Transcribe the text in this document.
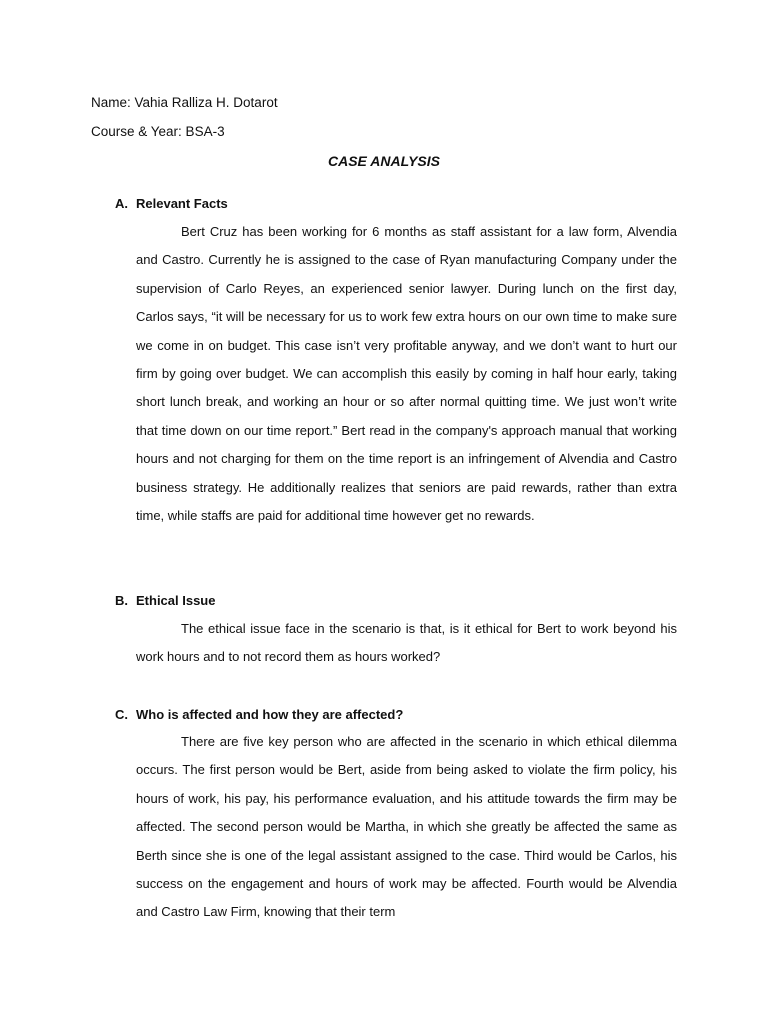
Name: Vahia Ralliza H. Dotarot
Course & Year: BSA-3
CASE ANALYSIS
A. Relevant Facts

Bert Cruz has been working for 6 months as staff assistant for a law form, Alvendia and Castro. Currently he is assigned to the case of Ryan manufacturing Company under the supervision of Carlo Reyes, an experienced senior lawyer. During lunch on the first day, Carlos says, “it will be necessary for us to work few extra hours on our own time to make sure we come in on budget. This case isn’t very profitable anyway, and we don’t want to hurt our firm by going over budget. We can accomplish this easily by coming in half hour early, taking short lunch break, and working an hour or so after normal quitting time. We just won’t write that time down on our time report.” Bert read in the company's approach manual that working hours and not charging for them on the time report is an infringement of Alvendia and Castro business strategy. He additionally realizes that seniors are paid rewards, rather than extra time, while staffs are paid for additional time however get no rewards.

B. Ethical Issue

The ethical issue face in the scenario is that, is it ethical for Bert to work beyond his work hours and to not record them as hours worked?

C. Who is affected and how they are affected?

There are five key person who are affected in the scenario in which ethical dilemma occurs. The first person would be Bert, aside from being asked to violate the firm policy, his hours of work, his pay, his performance evaluation, and his attitude towards the firm may be affected. The second person would be Martha, in which she greatly be affected the same as Berth since she is one of the legal assistant assigned to the case. Third would be Carlos, his success on the engagement and hours of work may be affected. Fourth would be Alvendia and Castro Law Firm, knowing that their term
